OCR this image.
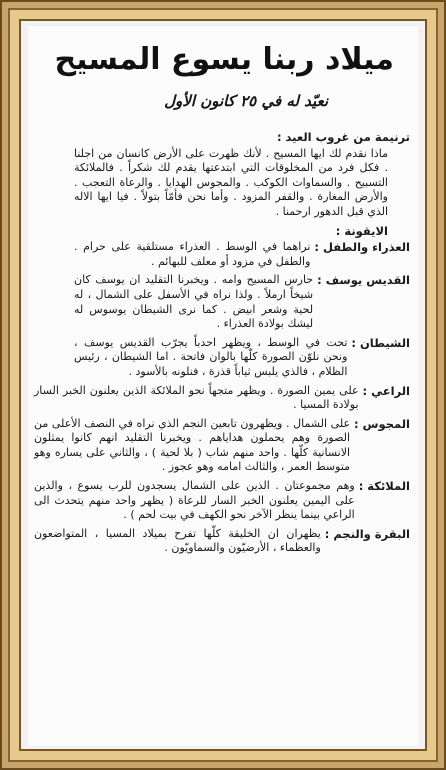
ميلاد ربنا يسوع المسيح
نعيّد له في ٢٥ كانون الأول
ترنيمة من غروب العيد :
ماذا نقدم لك ايها المسيح . لأنك ظهرت على الأرض كانسان من اجلنا . فكل فرد من المخلوقات التي ابتدعتها يقدم لك شكراً . فالملائكة التسبيح . والسماوات الكوكب . والمجوس الهدايا . والرعاة التعجب . والأرض المغارة . والقفر المزود . وأما نحن فأمّاً بتولاً . فيا ايها الاله الذي قبل الدهور ارحمنا .
الايقونة :
العذراء والطفل :
نراهما في الوسط . العذراء مستلقية على حرام . والطفل في مزود أو معلف للبهائم .
القديس يوسف :
حارس المسيح وامه . ويخبرنا التقليد ان يوسف كان شيخاً ارملاً . ولذا نراه في الأسفل على الشمال ، له لحية وشعر ابيض . كما نرى الشيطان يوسوس له ليشك بولادة العذراء .
الشيطان :
تحت في الوسط ، ويظهر احدباً يجرّب القديس يوسف ، ونحن نلوّن الصورة كلّها بالوان فاتحة . اما الشيطان ، رئيس الظلام ، فالذي يلبس ثياباً قذرة ، فنلونه بالأسود .
الراعي :
على يمين الصورة . ويظهر متجهاً نحو الملائكة الذين يعلنون الخبر السار بولادة المسيا .
المجوس :
على الشمال . ويظهرون تابعين النجم الذي نراه في النصف الأعلى من الصورة وهم يحملون هداياهم . ويخبرنا التقليد انهم كانوا يمثلون الانسانية كلّها . واحد منهم شاب ( بلا لحية ) ، والثاني على يساره وهو متوسط العمر ، والثالث امامه وهو عجوز .
الملائكة :
وهم مجموعتان . الذين على الشمال يسجدون للرب يسوع ، والذين على اليمين يعلنون الخبر السار للرعاة ( يظهر واحد منهم يتحدث الى الراعي بينما ينظر الآخر نحو الكهف في بيت لحم ) .
البقرة والنجم :
يظهران ان الخليقة كلّها تفرح بميلاد المسيا ، المتواضعون والعظماء ، الأرضيّون والسماويّون .
